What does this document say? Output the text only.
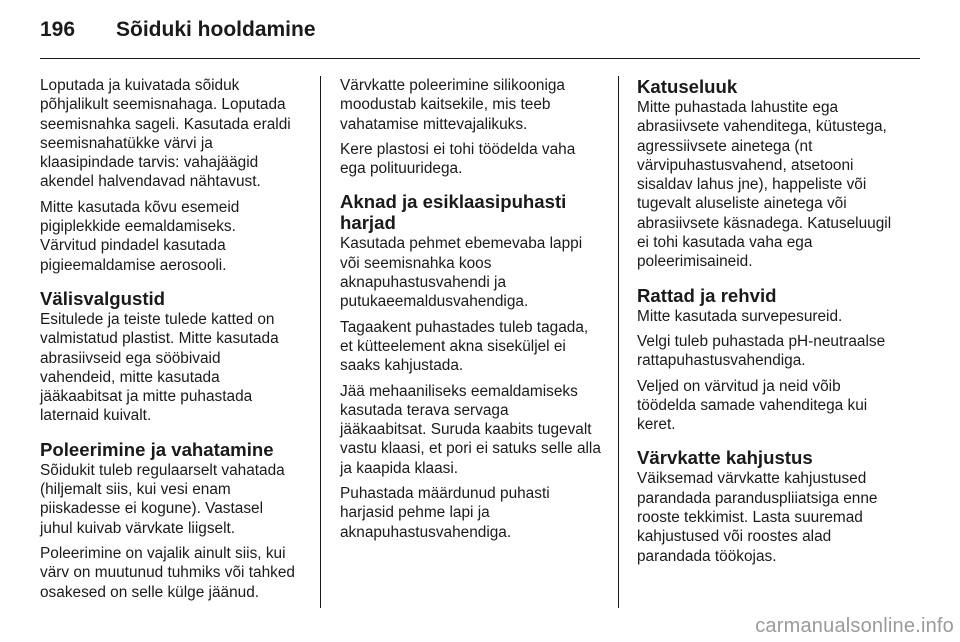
196	Sõiduki hooldamine

Loputada ja kuivatada sõiduk
põhjalikult seemisnahaga. Loputada
seemisnahka sageli. Kasutada eraldi
seemisnahatükke värvi ja
klaasipindade tarvis: vahajäägid
akendel halvendavad nähtavust.

Mitte kasutada kõvu esemeid
pigiplekkide eemaldamiseks.
Värvitud pindadel kasutada
pigieemaldamise aerosooli.

Välisvalgustid

Esitulede ja teiste tulede katted on
valmistatud plastist. Mitte kasutada
abrasiivseid ega sööbivaid
vahendeid, mitte kasutada
jääkaabitsat ja mitte puhastada
laternaid kuivalt.

Poleerimine ja vahatamine

Sõidukit tuleb regulaarselt vahatada
(hiljemalt siis, kui vesi enam
piiskadesse ei kogune). Vastasel
juhul kuivab värvkate liigselt.

Poleerimine on vajalik ainult siis, kui
värv on muutunud tuhmiks või tahked
osakesed on selle külge jäänud.

Värvkatte poleerimine silikooniga
moodustab kaitsekile, mis teeb
vahatamise mittevajalikuks.

Kere plastosi ei tohi töödelda vaha
ega polituuridega.

Aknad ja esiklaasipuhasti harjad

Kasutada pehmet ebemevaba lappi
või seemisnahka koos
aknapuhastusvahendi ja
putukaeemaldusvahendiga.

Tagaakent puhastades tuleb tagada,
et kütteelement akna siseküljel ei
saaks kahjustada.

Jää mehaaniliseks eemaldamiseks
kasutada terava servaga
jääkaabitsat. Suruda kaabits tugevalt
vastu klaasi, et pori ei satuks selle alla
ja kaapida klaasi.

Puhastada määrdunud puhasti
harjasid pehme lapi ja
aknapuhastusvahendiga.

Katuseluuk

Mitte puhastada lahustite ega
abrasiivsete vahenditega, kütustega,
agressiivsete ainetega (nt
värvipuhastusvahend, atsetooni
sisaldav lahus jne), happeliste või
tugevalt aluseliste ainetega või
abrasiivsete käsnadega. Katuseluugil
ei tohi kasutada vaha ega
poleerimisaineid.

Rattad ja rehvid

Mitte kasutada survepesureid.

Velgi tuleb puhastada pH-neutraalse
rattapuhastusvahendiga.

Veljed on värvitud ja neid võib
töödelda samade vahenditega kui
keret.

Värvkatte kahjustus

Väiksemad värvkatte kahjustused
parandada paranduspliiatsiga enne
rooste tekkimist. Lasta suuremad
kahjustused või roostes alad
parandada töökojas.

carmanualsonline.info
